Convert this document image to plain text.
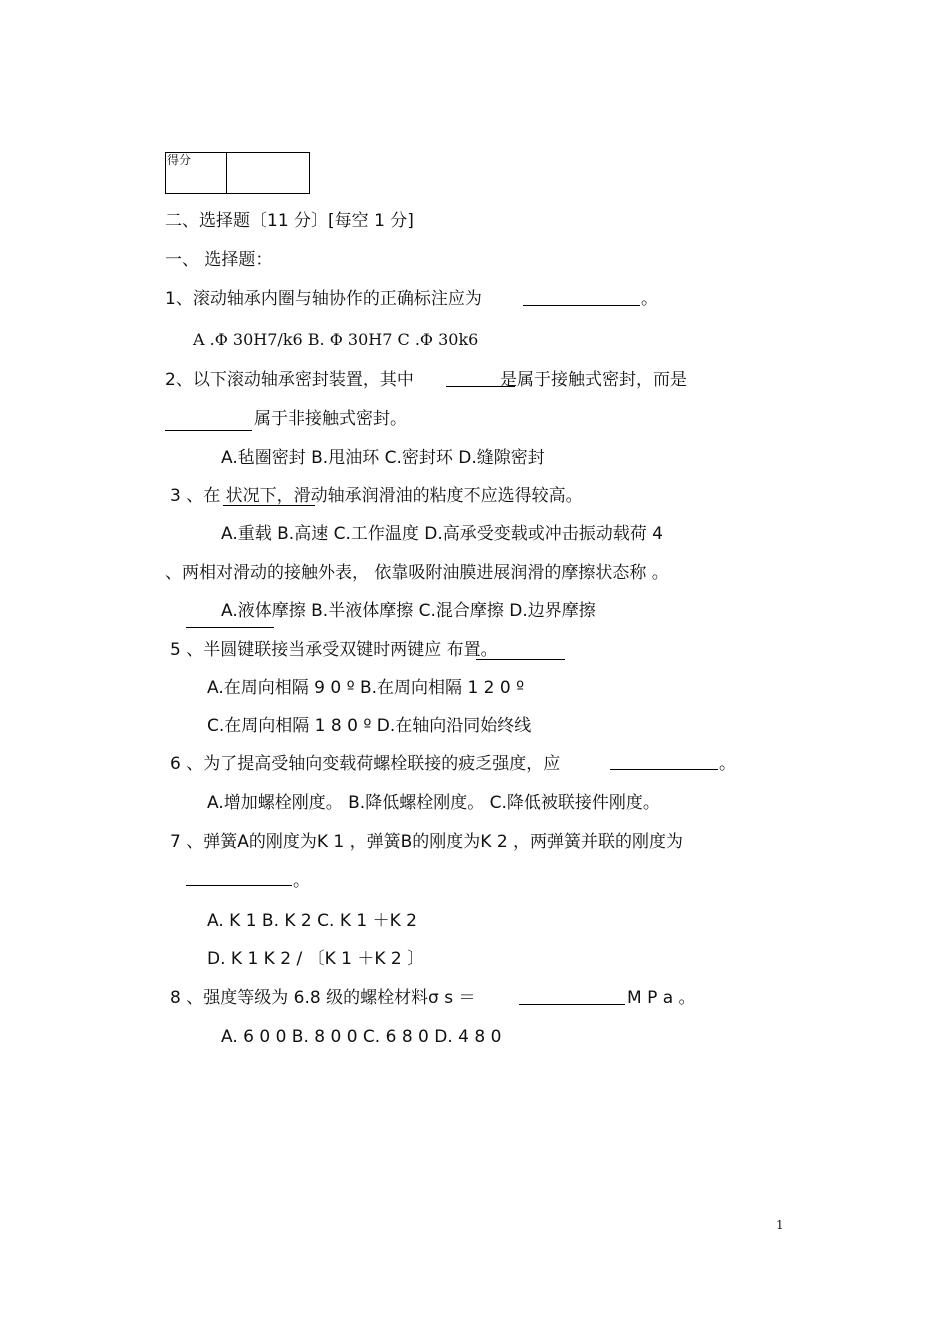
得分
二、选择题〔11 分〕[每空 1 分]
一、 选择题：
1、滚动轴承内圈与轴协作的正确标注应为	。
A .Φ 30H7/k6 B. Φ 30H7 C .Φ 30k6
2、以下滚动轴承密封装置，其中	是属于接触式密封，而是
属于非接触式密封。
A.毡圈密封 B.甩油环 C.密封环 D.缝隙密封
3 、在 状况下，滑动轴承润滑油的粘度不应选得较高。
A.重载 B.高速 C.工作温度 D.高承受变载或冲击振动载荷 4
、两相对滑动的接触外表， 依靠吸附油膜进展润滑的摩擦状态称 。
A.液体摩擦 B.半液体摩擦 C.混合摩擦 D.边界摩擦
5 、半圆键联接当承受双键时两键应 布置。
A.在周向相隔 9 0 º B.在周向相隔 1 2 0 º
C.在周向相隔 1 8 0 º D.在轴向沿同始终线
6 、为了提高受轴向变载荷螺栓联接的疲乏强度，应	。
A.增加螺栓刚度。 B.降低螺栓刚度。 C.降低被联接件刚度。
7 、弹簧A的刚度为K 1 ，弹簧B的刚度为K 2 ，两弹簧并联的刚度为
。
A. K 1 B. K 2 C. K 1 ＋K 2
D. K 1 K 2 / 〔K 1 ＋K 2 〕
8 、强度等级为 6.8 级的螺栓材料σ s ＝	M P a 。
A. 6 0 0 B. 8 0 0 C. 6 8 0 D. 4 8 0
1
